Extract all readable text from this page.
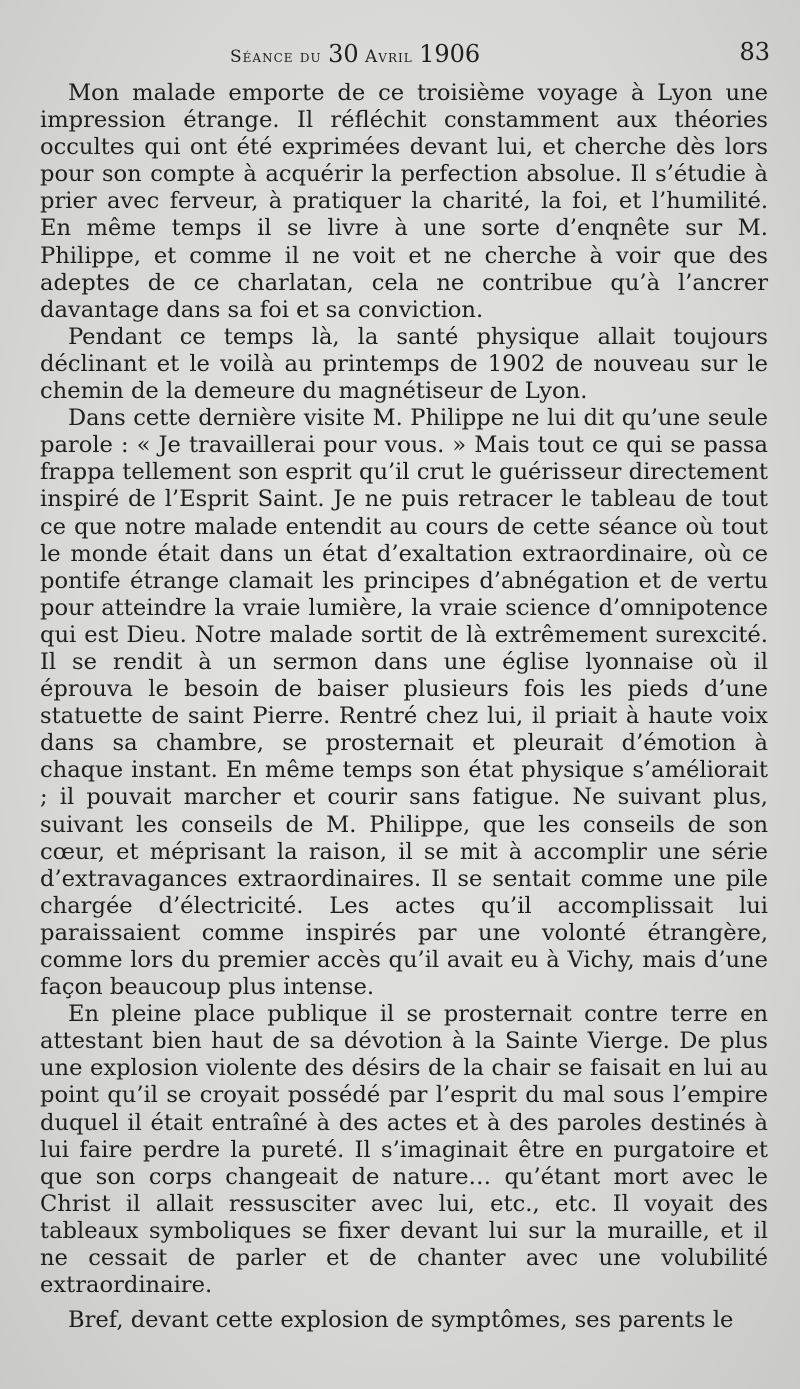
Séance du 30 Avril 1906	83

Mon malade emporte de ce troisième voyage à Lyon une impression étrange. Il réfléchit constamment aux théories occultes qui ont été exprimées devant lui, et cherche dès lors pour son compte à acquérir la perfection absolue. Il s’étudie à prier avec ferveur, à pratiquer la charité, la foi, et l’humilité. En même temps il se livre à une sorte d’enqnête sur M. Philippe, et comme il ne voit et ne cherche à voir que des adeptes de ce charlatan, cela ne contribue qu’à l’ancrer davantage dans sa foi et sa conviction.

Pendant ce temps là, la santé physique allait toujours déclinant et le voilà au printemps de 1902 de nouveau sur le chemin de la demeure du magnétiseur de Lyon.

Dans cette dernière visite M. Philippe ne lui dit qu’une seule parole : « Je travaillerai pour vous. » Mais tout ce qui se passa frappa tellement son esprit qu’il crut le guérisseur directement inspiré de l’Esprit Saint. Je ne puis retracer le tableau de tout ce que notre malade entendit au cours de cette séance où tout le monde était dans un état d’exaltation extraordinaire, où ce pontife étrange clamait les principes d’abnégation et de vertu pour atteindre la vraie lumière, la vraie science d’omnipotence qui est Dieu. Notre malade sortit de là extrêmement surexcité. Il se rendit à un sermon dans une église lyonnaise où il éprouva le besoin de baiser plusieurs fois les pieds d’une statuette de saint Pierre. Rentré chez lui, il priait à haute voix dans sa chambre, se prosternait et pleurait d’émotion à chaque instant. En même temps son état physique s’améliorait ; il pouvait marcher et courir sans fatigue. Ne suivant plus, suivant les conseils de M. Philippe, que les conseils de son cœur, et méprisant la raison, il se mit à accomplir une série d’extravagances extraordinaires. Il se sentait comme une pile chargée d’électricité. Les actes qu’il accomplissait lui paraissaient comme inspirés par une volonté étrangère, comme lors du premier accès qu’il avait eu à Vichy, mais d’une façon beaucoup plus intense.

En pleine place publique il se prosternait contre terre en attestant bien haut de sa dévotion à la Sainte Vierge. De plus une explosion violente des désirs de la chair se faisait en lui au point qu’il se croyait possédé par l’esprit du mal sous l’empire duquel il était entraîné à des actes et à des paroles destinés à lui faire perdre la pureté. Il s’imaginait être en purgatoire et que son corps changeait de nature… qu’étant mort avec le Christ il allait ressusciter avec lui, etc., etc. Il voyait des tableaux symboliques se fixer devant lui sur la muraille, et il ne cessait de parler et de chanter avec une volubilité extraordinaire.

Bref, devant cette explosion de symptômes, ses parents le
